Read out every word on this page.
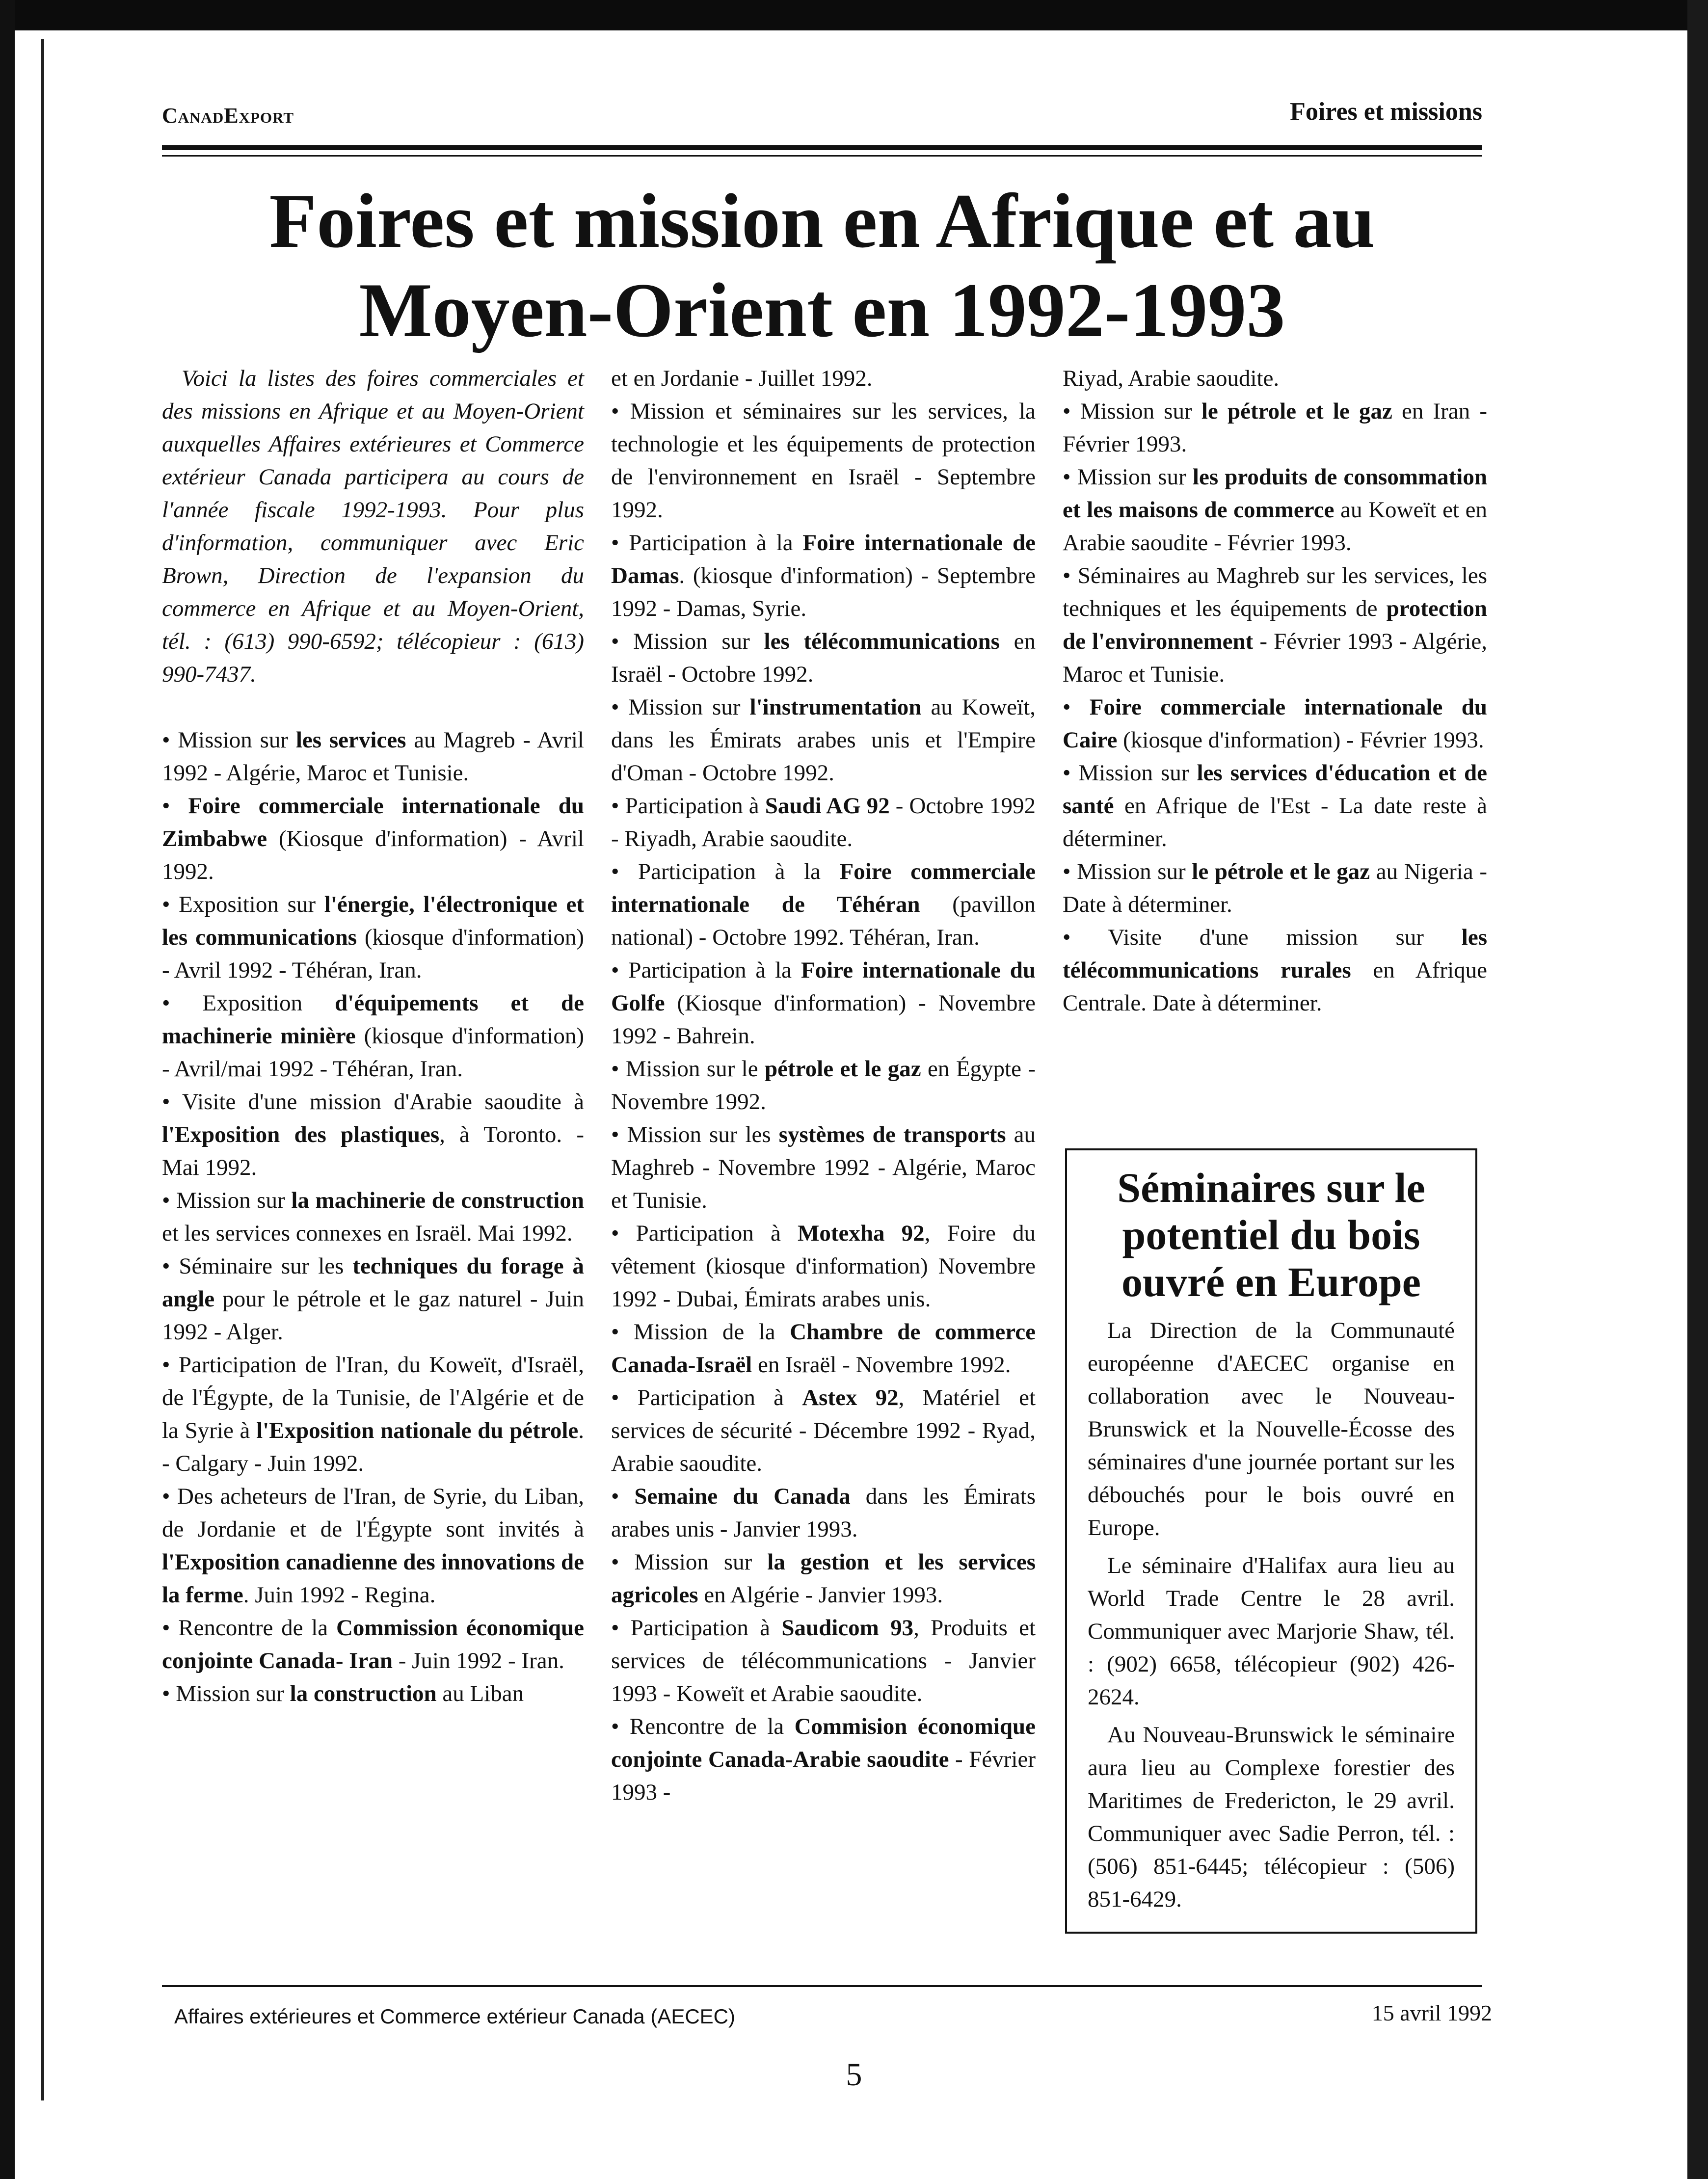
CanadExport	Foires et missions
Foires et mission en Afrique et au Moyen-Orient en 1992-1993

Voici la listes des foires commerciales et des missions en Afrique et au Moyen-Orient auxquelles Affaires extérieures et Commerce extérieur Canada participera au cours de l'année fiscale 1992-1993. Pour plus d'information, communiquer avec Eric Brown, Direction de l'expansion du commerce en Afrique et au Moyen-Orient, tél. : (613) 990-6592; télécopieur : (613) 990-7437.

• Mission sur les services au Magreb - Avril 1992 - Algérie, Maroc et Tunisie.

• Foire commerciale internationale du Zimbabwe (Kiosque d'information) - Avril 1992.

• Exposition sur l'énergie, l'électronique et les communications (kiosque d'information) - Avril 1992 - Téhéran, Iran.

• Exposition d'équipements et de machinerie minière (kiosque d'information) - Avril/mai 1992 - Téhéran, Iran.

• Visite d'une mission d'Arabie saoudite à l'Exposition des plastiques, à Toronto. - Mai 1992.

• Mission sur la machinerie de construction et les services connexes en Israël. Mai 1992.

• Séminaire sur les techniques du forage à angle pour le pétrole et le gaz naturel - Juin 1992 - Alger.

• Participation de l'Iran, du Koweït, d'Israël, de l'Égypte, de la Tunisie, de l'Algérie et de la Syrie à l'Exposition nationale du pétrole. - Calgary - Juin 1992.

• Des acheteurs de l'Iran, de Syrie, du Liban, de Jordanie et de l'Égypte sont invités à l'Exposition canadienne des innovations de la ferme. Juin 1992 - Regina.

• Rencontre de la Commission économique conjointe Canada- Iran - Juin 1992 - Iran.

• Mission sur la construction au Liban

et en Jordanie - Juillet 1992.

• Mission et séminaires sur les services, la technologie et les équipements de protection de l'environnement en Israël - Septembre 1992.

• Participation à la Foire internationale de Damas. (kiosque d'information) - Septembre 1992 - Damas, Syrie.

• Mission sur les télécommunications en Israël - Octobre 1992.

• Mission sur l'instrumentation au Koweït, dans les Émirats arabes unis et l'Empire d'Oman - Octobre 1992.

• Participation à Saudi AG 92 - Octobre 1992 - Riyadh, Arabie saoudite.

• Participation à la Foire commerciale internationale de Téhéran (pavillon national) - Octobre 1992. Téhéran, Iran.

• Participation à la Foire internationale du Golfe (Kiosque d'information) - Novembre 1992 - Bahrein.

• Mission sur le pétrole et le gaz en Égypte - Novembre 1992.

• Mission sur les systèmes de transports au Maghreb - Novembre 1992 - Algérie, Maroc et Tunisie.

• Participation à Motexha 92, Foire du vêtement (kiosque d'information) Novembre 1992 - Dubai, Émirats arabes unis.

• Mission de la Chambre de commerce Canada-Israël en Israël - Novembre 1992.

• Participation à Astex 92, Matériel et services de sécurité - Décembre 1992 - Ryad, Arabie saoudite.

• Semaine du Canada dans les Émirats arabes unis - Janvier 1993.

• Mission sur la gestion et les services agricoles en Algérie - Janvier 1993.

• Participation à Saudicom 93, Produits et services de télécommunications - Janvier 1993 - Koweït et Arabie saoudite.

• Rencontre de la Commision économique conjointe Canada-Arabie saoudite - Février 1993 -

Riyad, Arabie saoudite.

• Mission sur le pétrole et le gaz en Iran - Février 1993.

• Mission sur les produits de consommation et les maisons de commerce au Koweït et en Arabie saoudite - Février 1993.

• Séminaires au Maghreb sur les services, les techniques et les équipements de protection de l'environnement - Février 1993 - Algérie, Maroc et Tunisie.

• Foire commerciale internationale du Caire (kiosque d'information) - Février 1993.

• Mission sur les services d'éducation et de santé en Afrique de l'Est - La date reste à déterminer.

• Mission sur le pétrole et le gaz au Nigeria - Date à déterminer.

• Visite d'une mission sur les télécommunications rurales en Afrique Centrale. Date à déterminer.

Séminaires sur le potentiel du bois ouvré en Europe

La Direction de la Communauté européenne d'AECEC organise en collaboration avec le Nouveau-Brunswick et la Nouvelle-Écosse des séminaires d'une journée portant sur les débouchés pour le bois ouvré en Europe.

Le séminaire d'Halifax aura lieu au World Trade Centre le 28 avril. Communiquer avec Marjorie Shaw, tél. : (902) 6658, télécopieur (902) 426-2624.

Au Nouveau-Brunswick le séminaire aura lieu au Complexe forestier des Maritimes de Fredericton, le 29 avril. Communiquer avec Sadie Perron, tél. : (506) 851-6445; télécopieur : (506) 851-6429.

Affaires extérieures et Commerce extérieur Canada (AECEC)	15 avril 1992
5
